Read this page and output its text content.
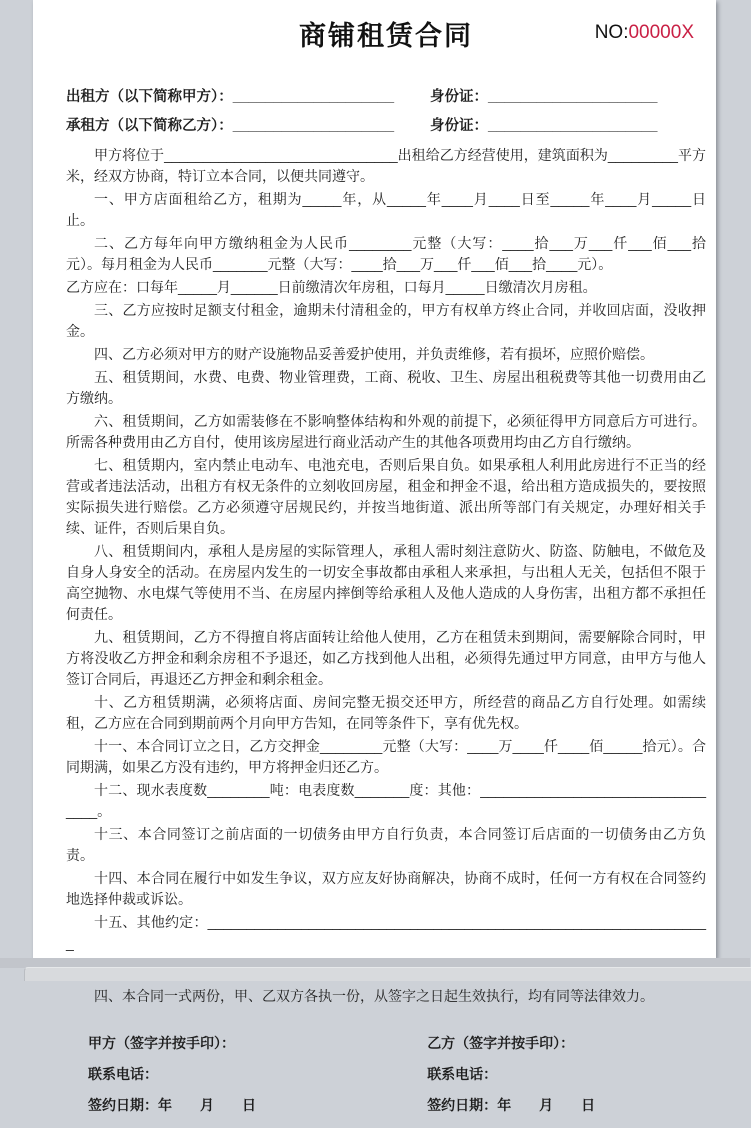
商铺租赁合同	NO:00000X
出租方（以下简称甲方）：____________________ 身份证：_____________________
承租方（以下简称乙方）：____________________ 身份证：_____________________

甲方将位于______________________________出租给乙方经营使用，建筑面积为_________平方米，经双方协商，特订立本合同，以便共同遵守。

一、甲方店面租给乙方，租期为_____年，从_____年____月____日至_____年____月_____日止。

二、乙方每年向甲方缴纳租金为人民币________元整（大写：____拾___万___仟___佰___拾元）。每月租金为人民币_______元整（大写：____拾___万___仟___佰___拾____元）。

乙方应在：口每年_____月______日前缴清次年房租，口每月_____日缴清次月房租。

三、乙方应按时足额支付租金，逾期未付清租金的，甲方有权单方终止合同，并收回店面，没收押金。

四、乙方必须对甲方的财产设施物品妥善爱护使用，并负责维修，若有损坏，应照价赔偿。

五、租赁期间，水费、电费、物业管理费，工商、税收、卫生、房屋出租税费等其他一切费用由乙方缴纳。

六、租赁期间，乙方如需装修在不影响整体结构和外观的前提下，必须征得甲方同意后方可进行。所需各种费用由乙方自付，使用该房屋进行商业活动产生的其他各项费用均由乙方自行缴纳。

七、租赁期内，室内禁止电动车、电池充电，否则后果自负。如果承租人利用此房进行不正当的经营或者违法活动，出租方有权无条件的立刻收回房屋，租金和押金不退，给出租方造成损失的，要按照实际损失进行赔偿。乙方必须遵守居规民约，并按当地街道、派出所等部门有关规定，办理好相关手续、证件，否则后果自负。

八、租赁期间内，承租人是房屋的实际管理人，承租人需时刻注意防火、防盗、防触电，不做危及自身人身安全的活动。在房屋内发生的一切安全事故都由承租人来承担，与出租人无关，包括但不限于高空抛物、水电煤气等使用不当、在房屋内摔倒等给承租人及他人造成的人身伤害，出租方都不承担任何责任。

九、租赁期间，乙方不得擅自将店面转让给他人使用，乙方在租赁未到期间，需要解除合同时，甲方将没收乙方押金和剩余房租不予退还，如乙方找到他人出租，必须得先通过甲方同意，由甲方与他人签订合同后，再退还乙方押金和剩余租金。

十、乙方租赁期满，必须将店面、房间完整无损交还甲方，所经营的商品乙方自行处理。如需续租，乙方应在合同到期前两个月向甲方告知，在同等条件下，享有优先权。

十一、本合同订立之日，乙方交押金________元整（大写：____万____仟____佰_____拾元）。合同期满，如果乙方没有违约，甲方将押金归还乙方。

十二、现水表度数________吨：电表度数_______度：其他：_________________________________。

十三、本合同签订之前店面的一切债务由甲方自行负责，本合同签订后店面的一切债务由乙方负责。

十四、本合同在履行中如发生争议，双方应友好协商解决，协商不成时，任何一方有权在合同签约地选择仲裁或诉讼。

十五、其他约定：_________________________________________________________________

四、本合同一式两份，甲、乙双方各执一份，从签字之日起生效执行，均有同等法律效力。

甲方（签字并按手印）：
联系电话：
签约日期：年　　月　　日
乙方（签字并按手印）：
联系电话：
签约日期：年　　月　　日
